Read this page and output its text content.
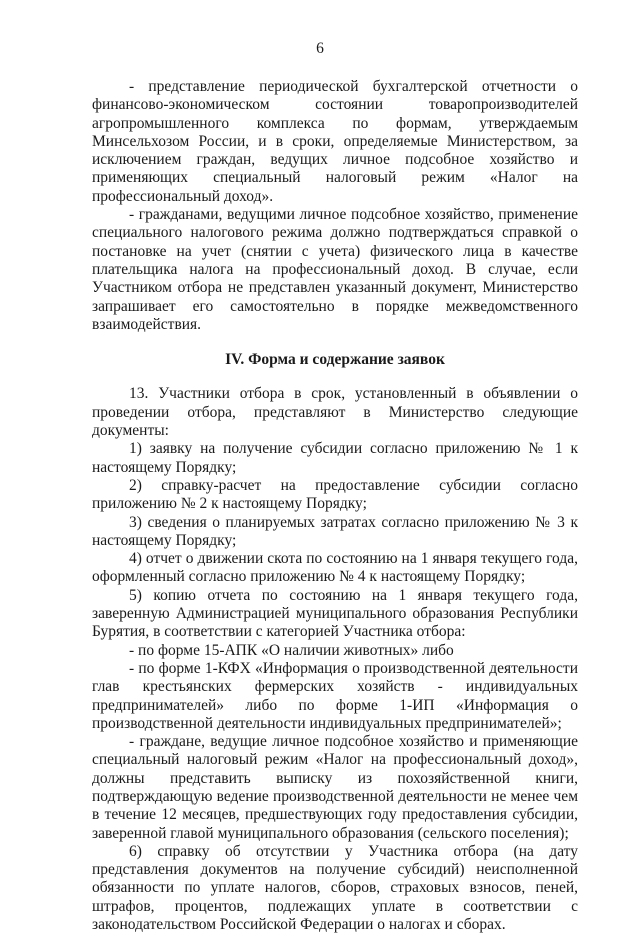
6

- представление периодической бухгалтерской отчетности о финансово-экономическом состоянии товаропроизводителей агропромышленного комплекса по формам, утверждаемым Минсельхозом России, и в сроки, определяемые Министерством, за исключением граждан, ведущих личное подсобное хозяйство и применяющих специальный налоговый режим «Налог на профессиональный доход».

- гражданами, ведущими личное подсобное хозяйство, применение специального налогового режима должно подтверждаться справкой о постановке на учет (снятии с учета) физического лица в качестве плательщика налога на профессиональный доход. В случае, если Участником отбора не представлен указанный документ, Министерство запрашивает его самостоятельно в порядке межведомственного взаимодействия.

IV. Форма и содержание заявок

13. Участники отбора в срок, установленный в объявлении о проведении отбора, представляют в Министерство следующие документы:

1) заявку на получение субсидии согласно приложению № 1 к настоящему Порядку;

2) справку-расчет на предоставление субсидии согласно приложению № 2 к настоящему Порядку;

3) сведения о планируемых затратах согласно приложению № 3 к настоящему Порядку;

4) отчет о движении скота по состоянию на 1 января текущего года, оформленный согласно приложению № 4 к настоящему Порядку;

5) копию отчета по состоянию на 1 января текущего года, заверенную Администрацией муниципального образования Республики Бурятия, в соответствии с категорией Участника отбора:

- по форме 15-АПК «О наличии животных» либо

- по форме 1-КФХ «Информация о производственной деятельности глав крестьянских фермерских хозяйств - индивидуальных предпринимателей» либо по форме 1-ИП «Информация о производственной деятельности индивидуальных предпринимателей»;

- граждане, ведущие личное подсобное хозяйство и применяющие специальный налоговый режим «Налог на профессиональный доход», должны представить выписку из похозяйственной книги, подтверждающую ведение производственной деятельности не менее чем в течение 12 месяцев, предшествующих году предоставления субсидии, заверенной главой муниципального образования (сельского поселения);

6) справку об отсутствии у Участника отбора (на дату представления документов на получение субсидий) неисполненной обязанности по уплате налогов, сборов, страховых взносов, пеней, штрафов, процентов, подлежащих уплате в соответствии с законодательством Российской Федерации о налогах и сборах.
